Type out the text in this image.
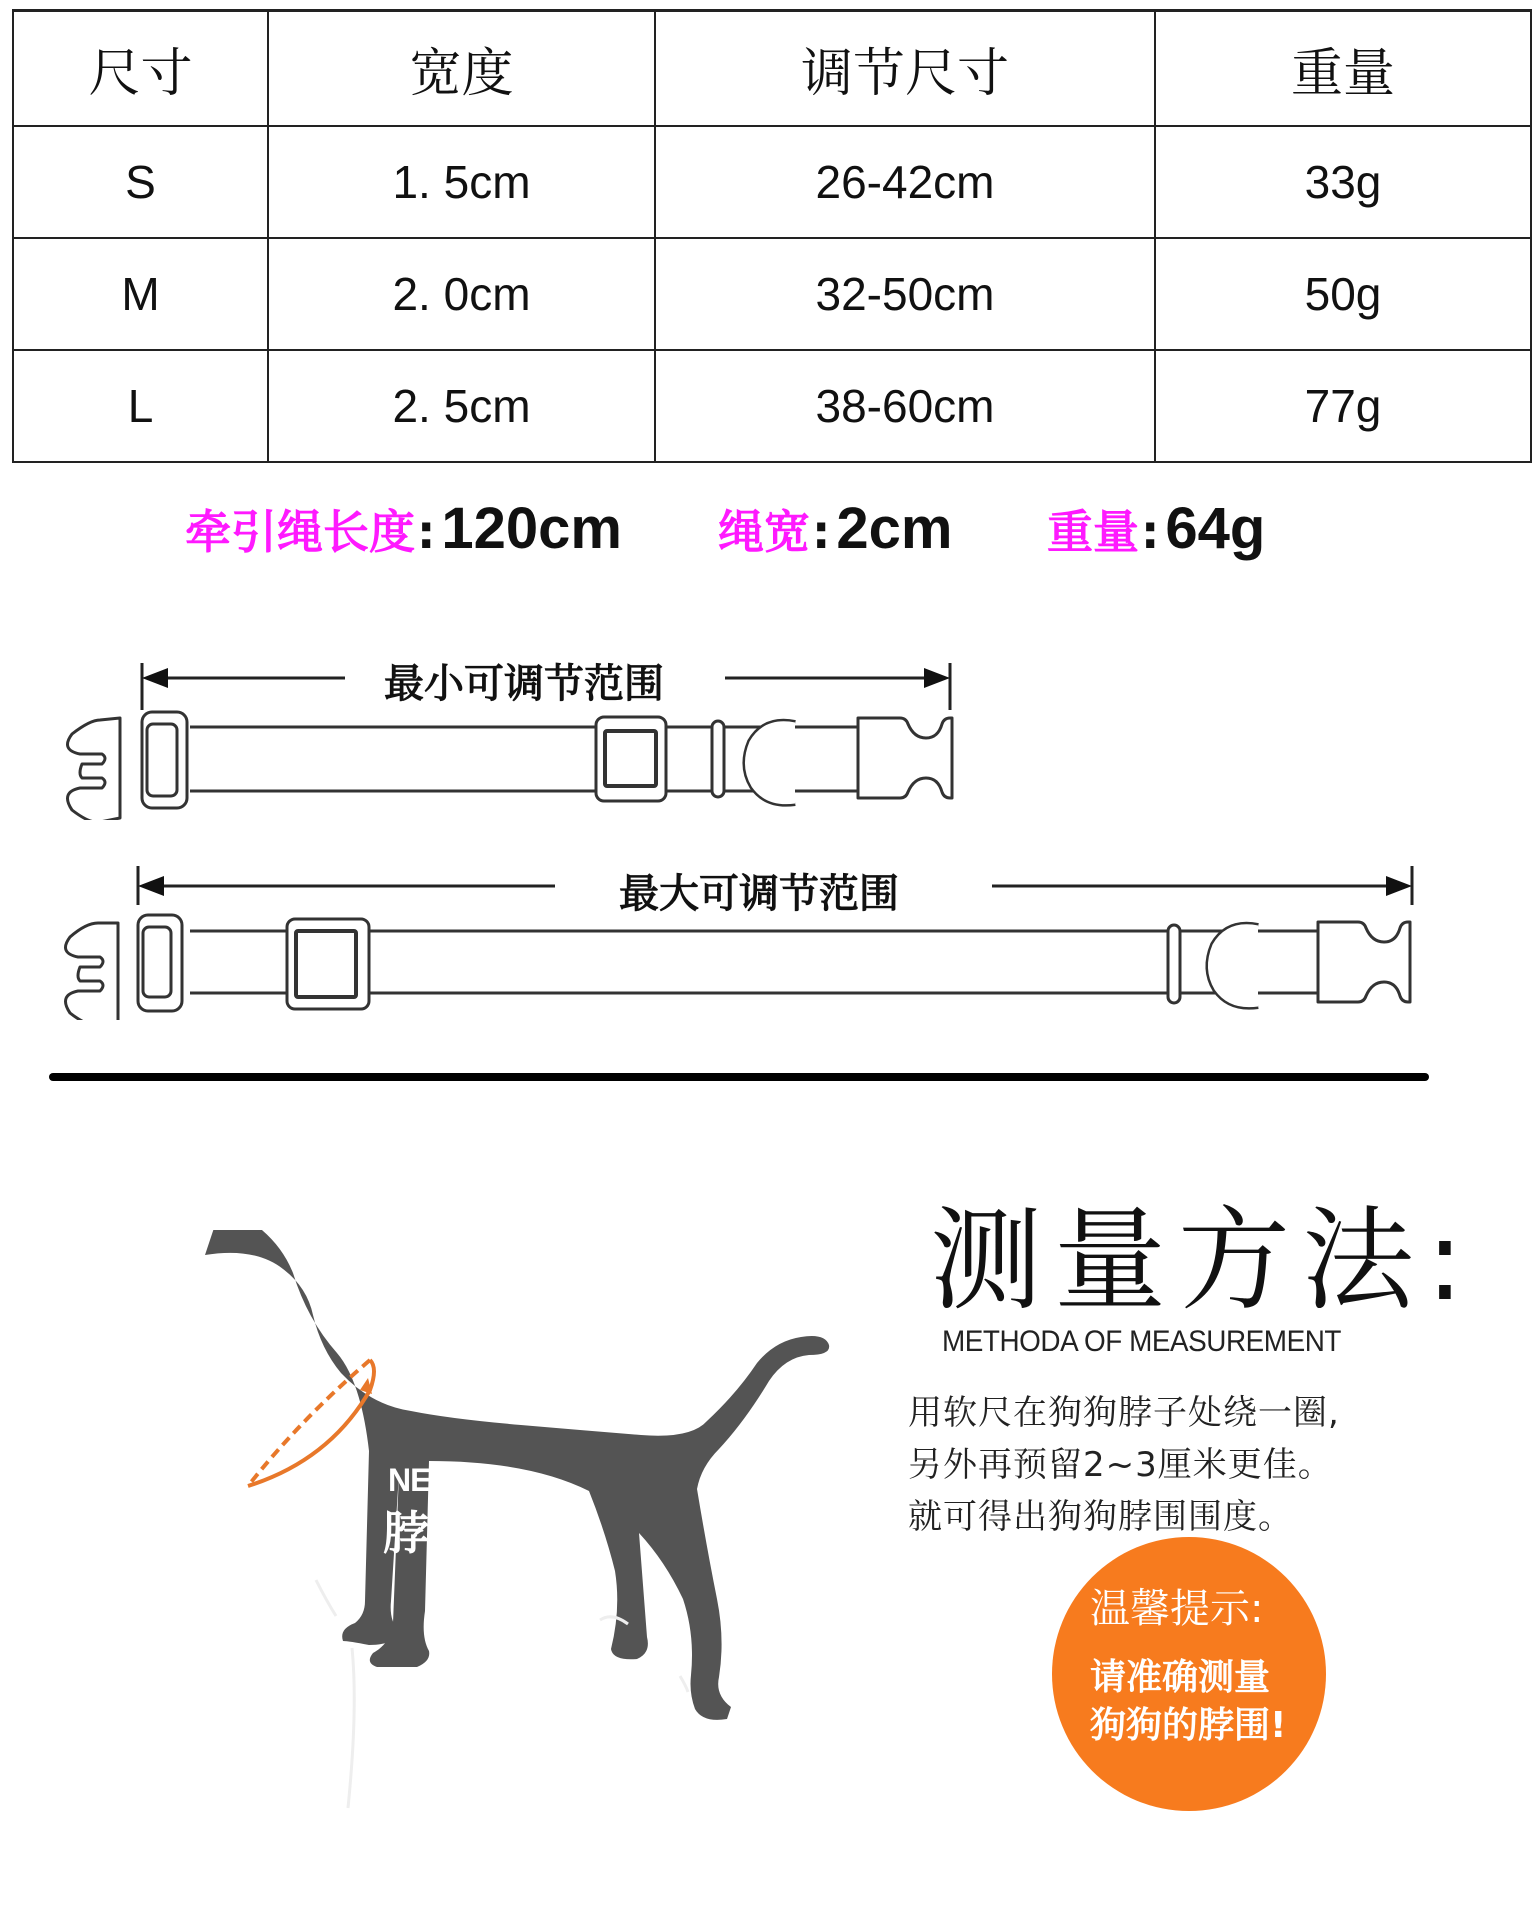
尺寸	宽度	调节尺寸	重量
S	1. 5cm	26-42cm	33g
M	2. 0cm	32-50cm	50g
L	2. 5cm	38-60cm	77g
牵引绳长度: 120cm 绳宽: 2cm 重量: 64g
最小可调节范围
最大可调节范围
NECK
脖围
测量方法:
METHODA OF MEASUREMENT
用软尺在狗狗脖子处绕一圈,
另外再预留2~3厘米更佳。
就可得出狗狗脖围围度。
温馨提示:
请准确测量
狗狗的脖围!
